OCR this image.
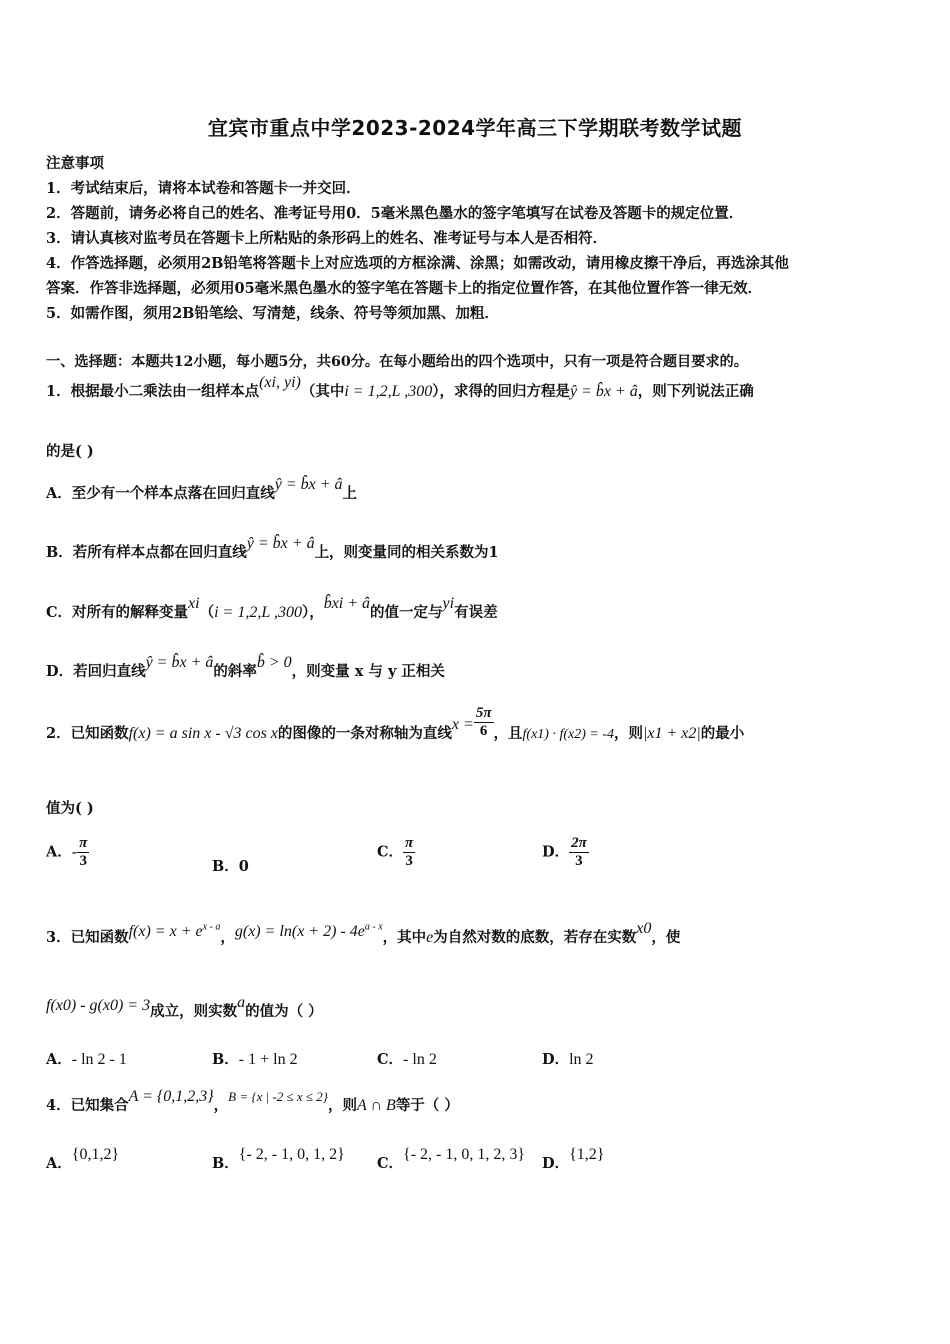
宜宾市重点中学2023-2024学年高三下学期联考数学试题
注意事项
1．考试结束后，请将本试卷和答题卡一并交回．
2．答题前，请务必将自己的姓名、准考证号用0．5毫米黑色墨水的签字笔填写在试卷及答题卡的规定位置．
3．请认真核对监考员在答题卡上所粘贴的条形码上的姓名、准考证号与本人是否相符．
4．作答选择题，必须用2B铅笔将答题卡上对应选项的方框涂满、涂黑；如需改动，请用橡皮擦干净后，再选涂其他
答案．作答非选择题，必须用05毫米黑色墨水的签字笔在答题卡上的指定位置作答，在其他位置作答一律无效．
5．如需作图，须用2B铅笔绘、写清楚，线条、符号等须加黑、加粗．
一、选择题：本题共12小题，每小题5分，共60分。在每小题给出的四个选项中，只有一项是符合题目要求的。
1．根据最小二乘法由一组样本点(xi, yi)（其中i = 1,2,L ,300），求得的回归方程是ŷ = b̂x + â，则下列说法正确
的是( )
A．至少有一个样本点落在回归直线ŷ = b̂x + â上
B．若所有样本点都在回归直线ŷ = b̂x + â上，则变量同的相关系数为1
C．对所有的解释变量xi（i = 1,2,L ,300），b̂xi + â的值一定与yi有误差
D．若回归直线ŷ = b̂x + â的斜率b̂ > 0，则变量 x 与 y 正相关
2．已知函数f(x) = a sin x - √3 cos x的图像的一条对称轴为直线$x = \frac{5\pi}{6}$ ，且f(x1) · f(x2) = -4，则|x1 + x2|的最小
值为( )
A．- $\frac{\pi}{3}$	B．0
C． $\frac{\pi}{3}$	D． $\frac{2\pi}{3}$
3．已知函数$f(x) = x + e^{x - a}$，$g(x) = \ln(x + 2) - 4e^{a - x}$，其中e为自然对数的底数，若存在实数x0，使
f(x0) - g(x0) = 3成立，则实数a的值为（ ）
A．- ln 2 - 1	B．- 1 + ln 2	C．- ln 2	D．ln 2
4．已知集合A = {0,1,2,3}，B = {x | -2 ≤ x ≤ 2}，则A ∩ B等于（ ）
A．{0,1,2}
B．{- 2, - 1, 0, 1, 2}
C．{- 2, - 1, 0, 1, 2, 3}
D．{1,2}
